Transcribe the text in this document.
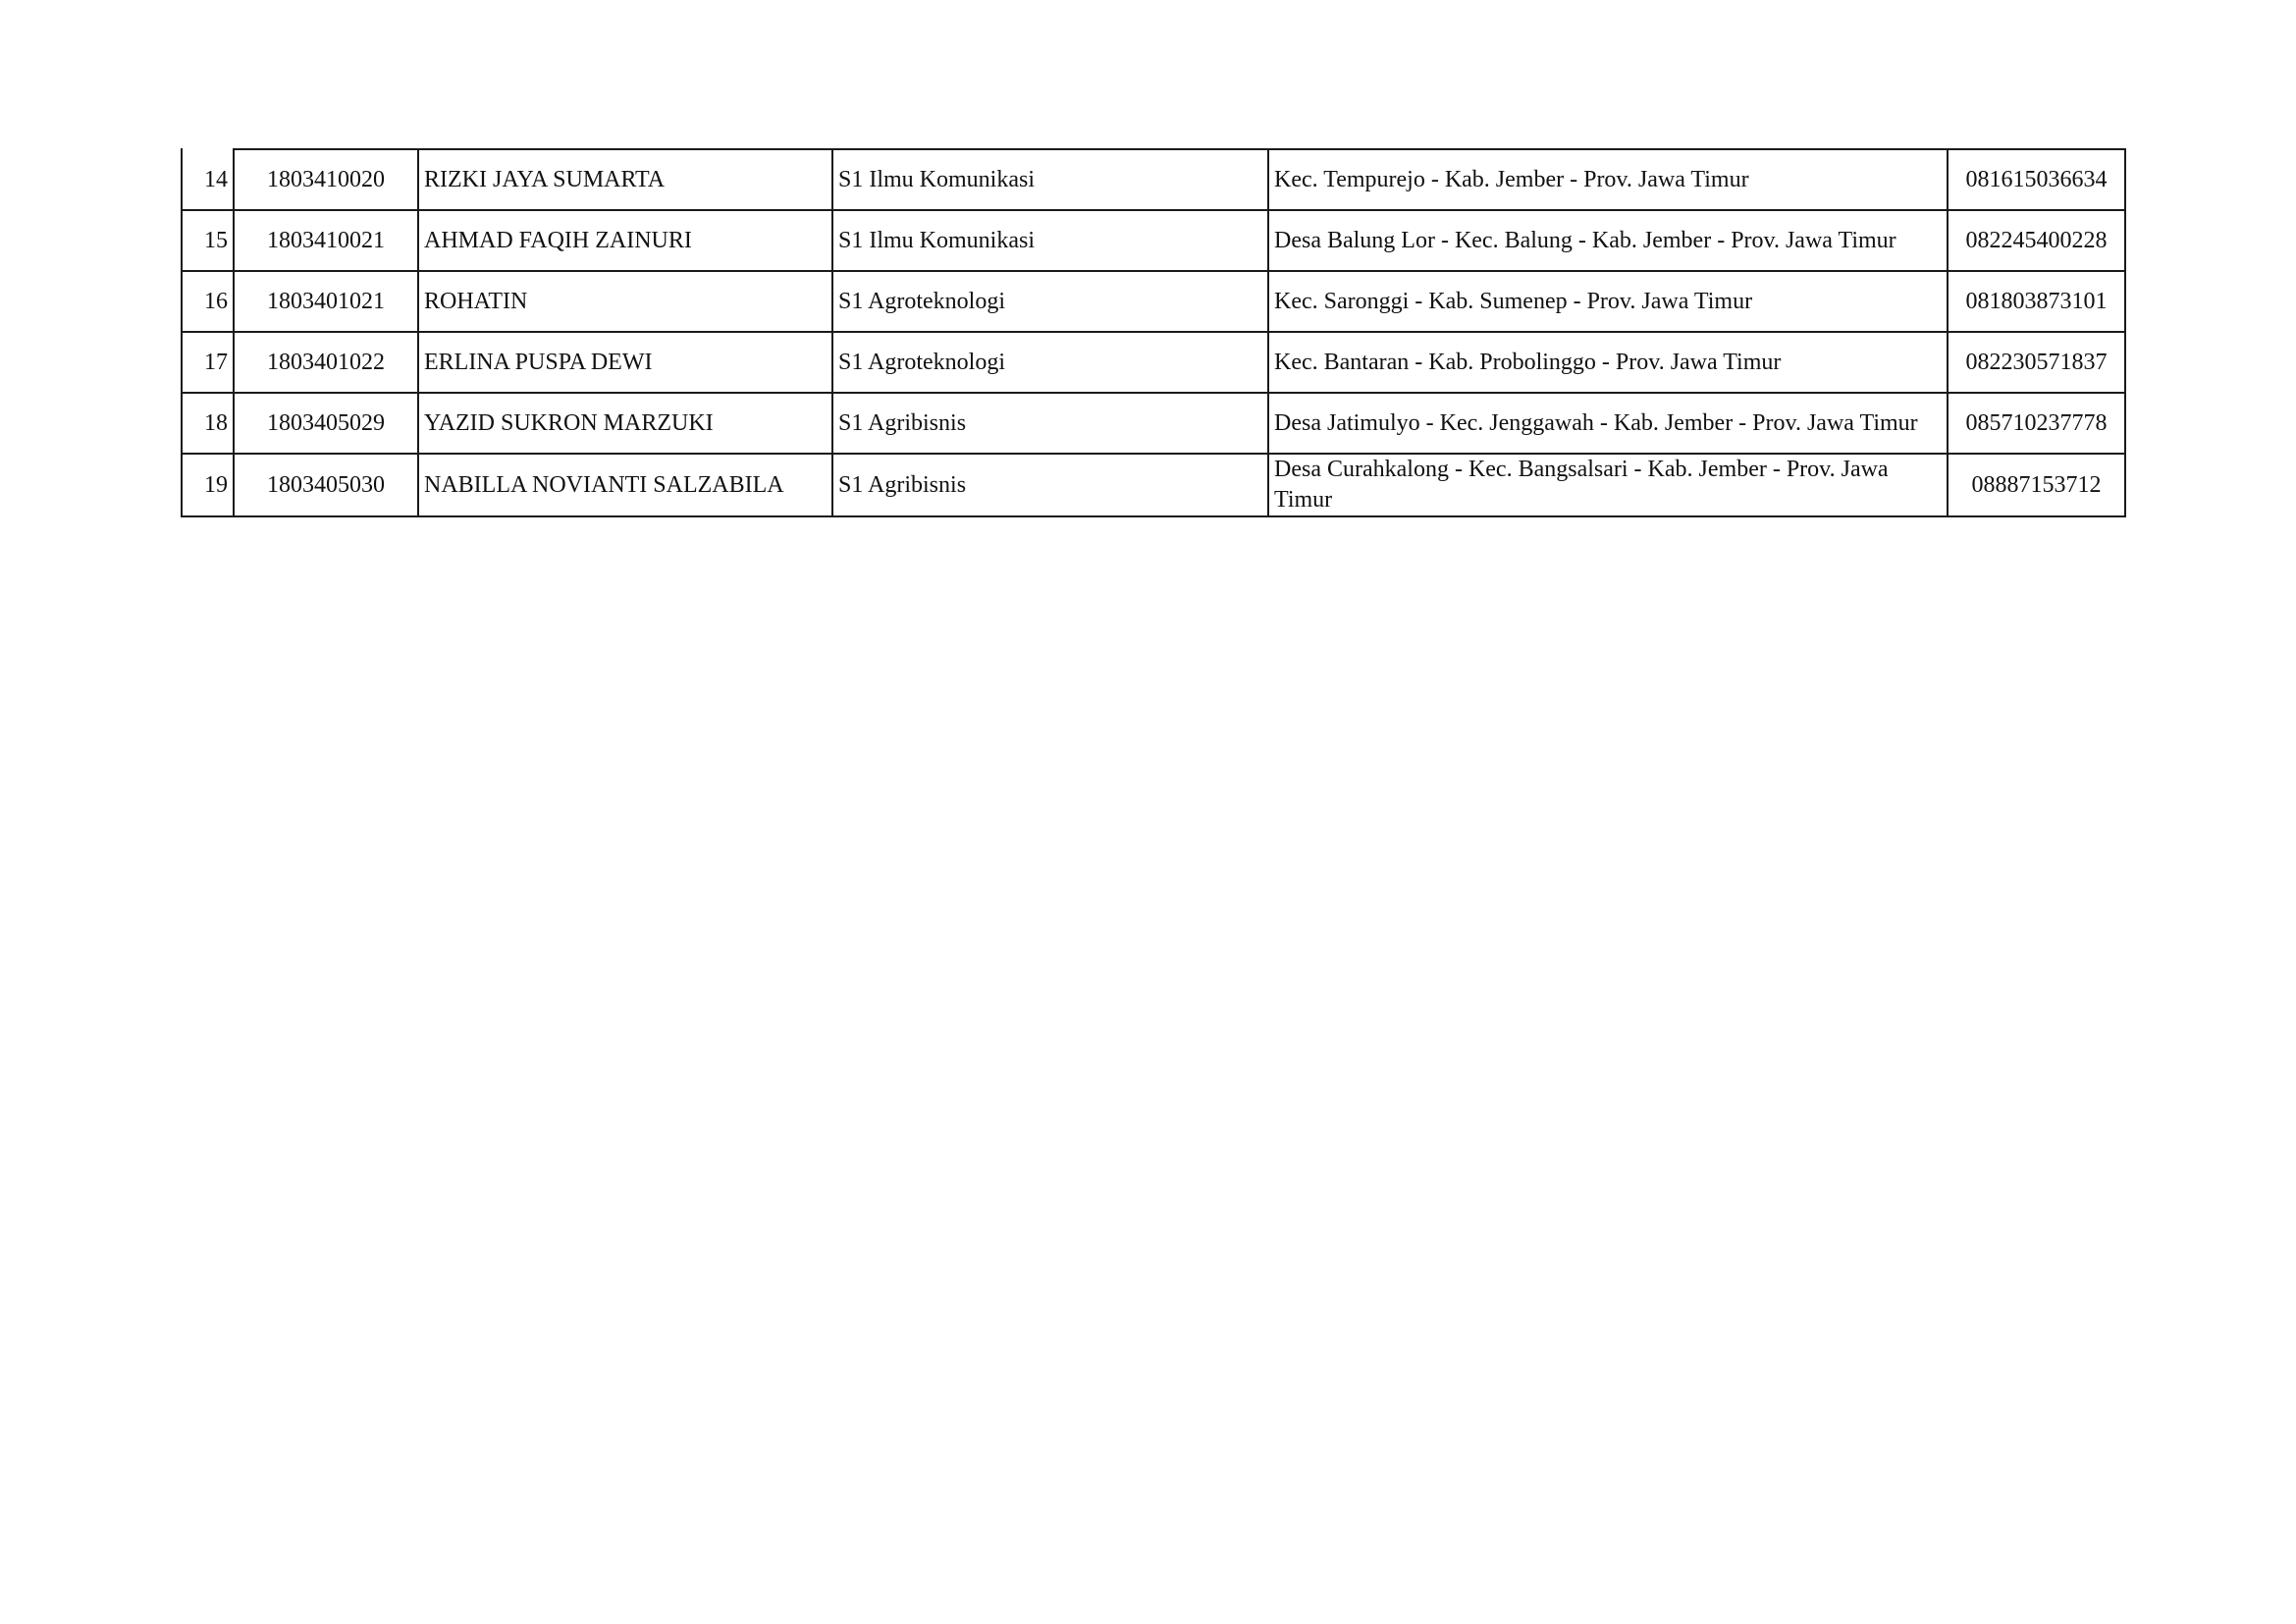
14	1803410020	RIZKI JAYA SUMARTA	S1 Ilmu Komunikasi	Kec. Tempurejo - Kab. Jember - Prov. Jawa Timur	081615036634
15	1803410021	AHMAD FAQIH ZAINURI	S1 Ilmu Komunikasi	Desa Balung Lor - Kec. Balung - Kab. Jember - Prov. Jawa Timur	082245400228
16	1803401021	ROHATIN	S1 Agroteknologi	Kec. Saronggi - Kab. Sumenep - Prov. Jawa Timur	081803873101
17	1803401022	ERLINA PUSPA DEWI	S1 Agroteknologi	Kec. Bantaran - Kab. Probolinggo - Prov. Jawa Timur	082230571837
18	1803405029	YAZID SUKRON MARZUKI	S1 Agribisnis	Desa Jatimulyo - Kec. Jenggawah - Kab. Jember - Prov. Jawa Timur	085710237778
19	1803405030	NABILLA NOVIANTI SALZABILA	S1 Agribisnis	Desa Curahkalong - Kec. Bangsalsari - Kab. Jember - Prov. Jawa Timur	08887153712
